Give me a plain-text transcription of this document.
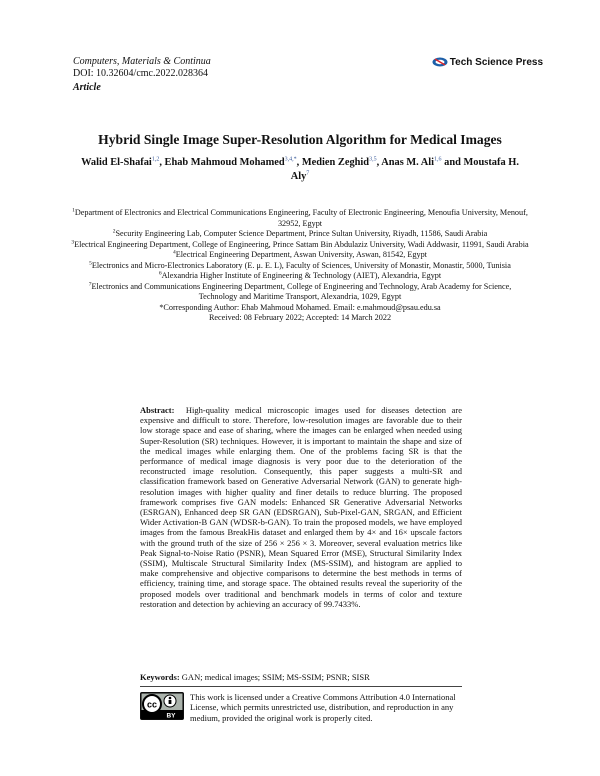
Computers, Materials & Continua
DOI: 10.32604/cmc.2022.028364
Article
Tech Science Press
Hybrid Single Image Super-Resolution Algorithm for Medical Images
Walid El-Shafai$^{1,2}$, Ehab Mahmoud Mohamed$^{3,4,*}$, Medien Zeghid$^{3,5}$, Anas M. Ali$^{1,6}$ and Moustafa H. Aly$^7$
$^1$Department of Electronics and Electrical Communications Engineering, Faculty of Electronic Engineering, Menoufia University, Menouf, 32952, Egypt
$^2$Security Engineering Lab, Computer Science Department, Prince Sultan University, Riyadh, 11586, Saudi Arabia
$^3$Electrical Engineering Department, College of Engineering, Prince Sattam Bin Abdulaziz University, Wadi Addwasir, 11991, Saudi Arabia
$^4$Electrical Engineering Department, Aswan University, Aswan, 81542, Egypt
$^5$Electronics and Micro-Electronics Laboratory (E. μ. E. L), Faculty of Sciences, University of Monastir, Monastir, 5000, Tunisia
$^6$Alexandria Higher Institute of Engineering & Technology (AIET), Alexandria, Egypt
$^7$Electronics and Communications Engineering Department, College of Engineering and Technology, Arab Academy for Science, Technology and Maritime Transport, Alexandria, 1029, Egypt
*Corresponding Author: Ehab Mahmoud Mohamed. Email: e.mahmoud@psau.edu.sa
Received: 08 February 2022; Accepted: 14 March 2022
Abstract: High-quality medical microscopic images used for diseases detection are expensive and difficult to store. Therefore, low-resolution images are favorable due to their low storage space and ease of sharing, where the images can be enlarged when needed using Super-Resolution (SR) techniques. However, it is important to maintain the shape and size of the medical images while enlarging them. One of the problems facing SR is that the performance of medical image diagnosis is very poor due to the deterioration of the reconstructed image resolution. Consequently, this paper suggests a multi-SR and classification framework based on Generative Adversarial Network (GAN) to generate high-resolution images with higher quality and finer details to reduce blurring. The proposed framework comprises five GAN models: Enhanced SR Generative Adversarial Networks (ESRGAN), Enhanced deep SR GAN (EDSRGAN), Sub-Pixel-GAN, SRGAN, and Efficient Wider Activation-B GAN (WDSR-b-GAN). To train the proposed models, we have employed images from the famous BreakHis dataset and enlarged them by 4× and 16× upscale factors with the ground truth of the size of 256 × 256 × 3. Moreover, several evaluation metrics like Peak Signal-to-Noise Ratio (PSNR), Mean Squared Error (MSE), Structural Similarity Index (SSIM), Multiscale Structural Similarity Index (MS-SSIM), and histogram are applied to make comprehensive and objective comparisons to determine the best methods in terms of efficiency, training time, and storage space. The obtained results reveal the superiority of the proposed models over traditional and benchmark models in terms of color and texture restoration and detection by achieving an accuracy of 99.7433%.
Keywords: GAN; medical images; SSIM; MS-SSIM; PSNR; SISR
cc
BY
This work is licensed under a Creative Commons Attribution 4.0 International License, which permits unrestricted use, distribution, and reproduction in any medium, provided the original work is properly cited.
